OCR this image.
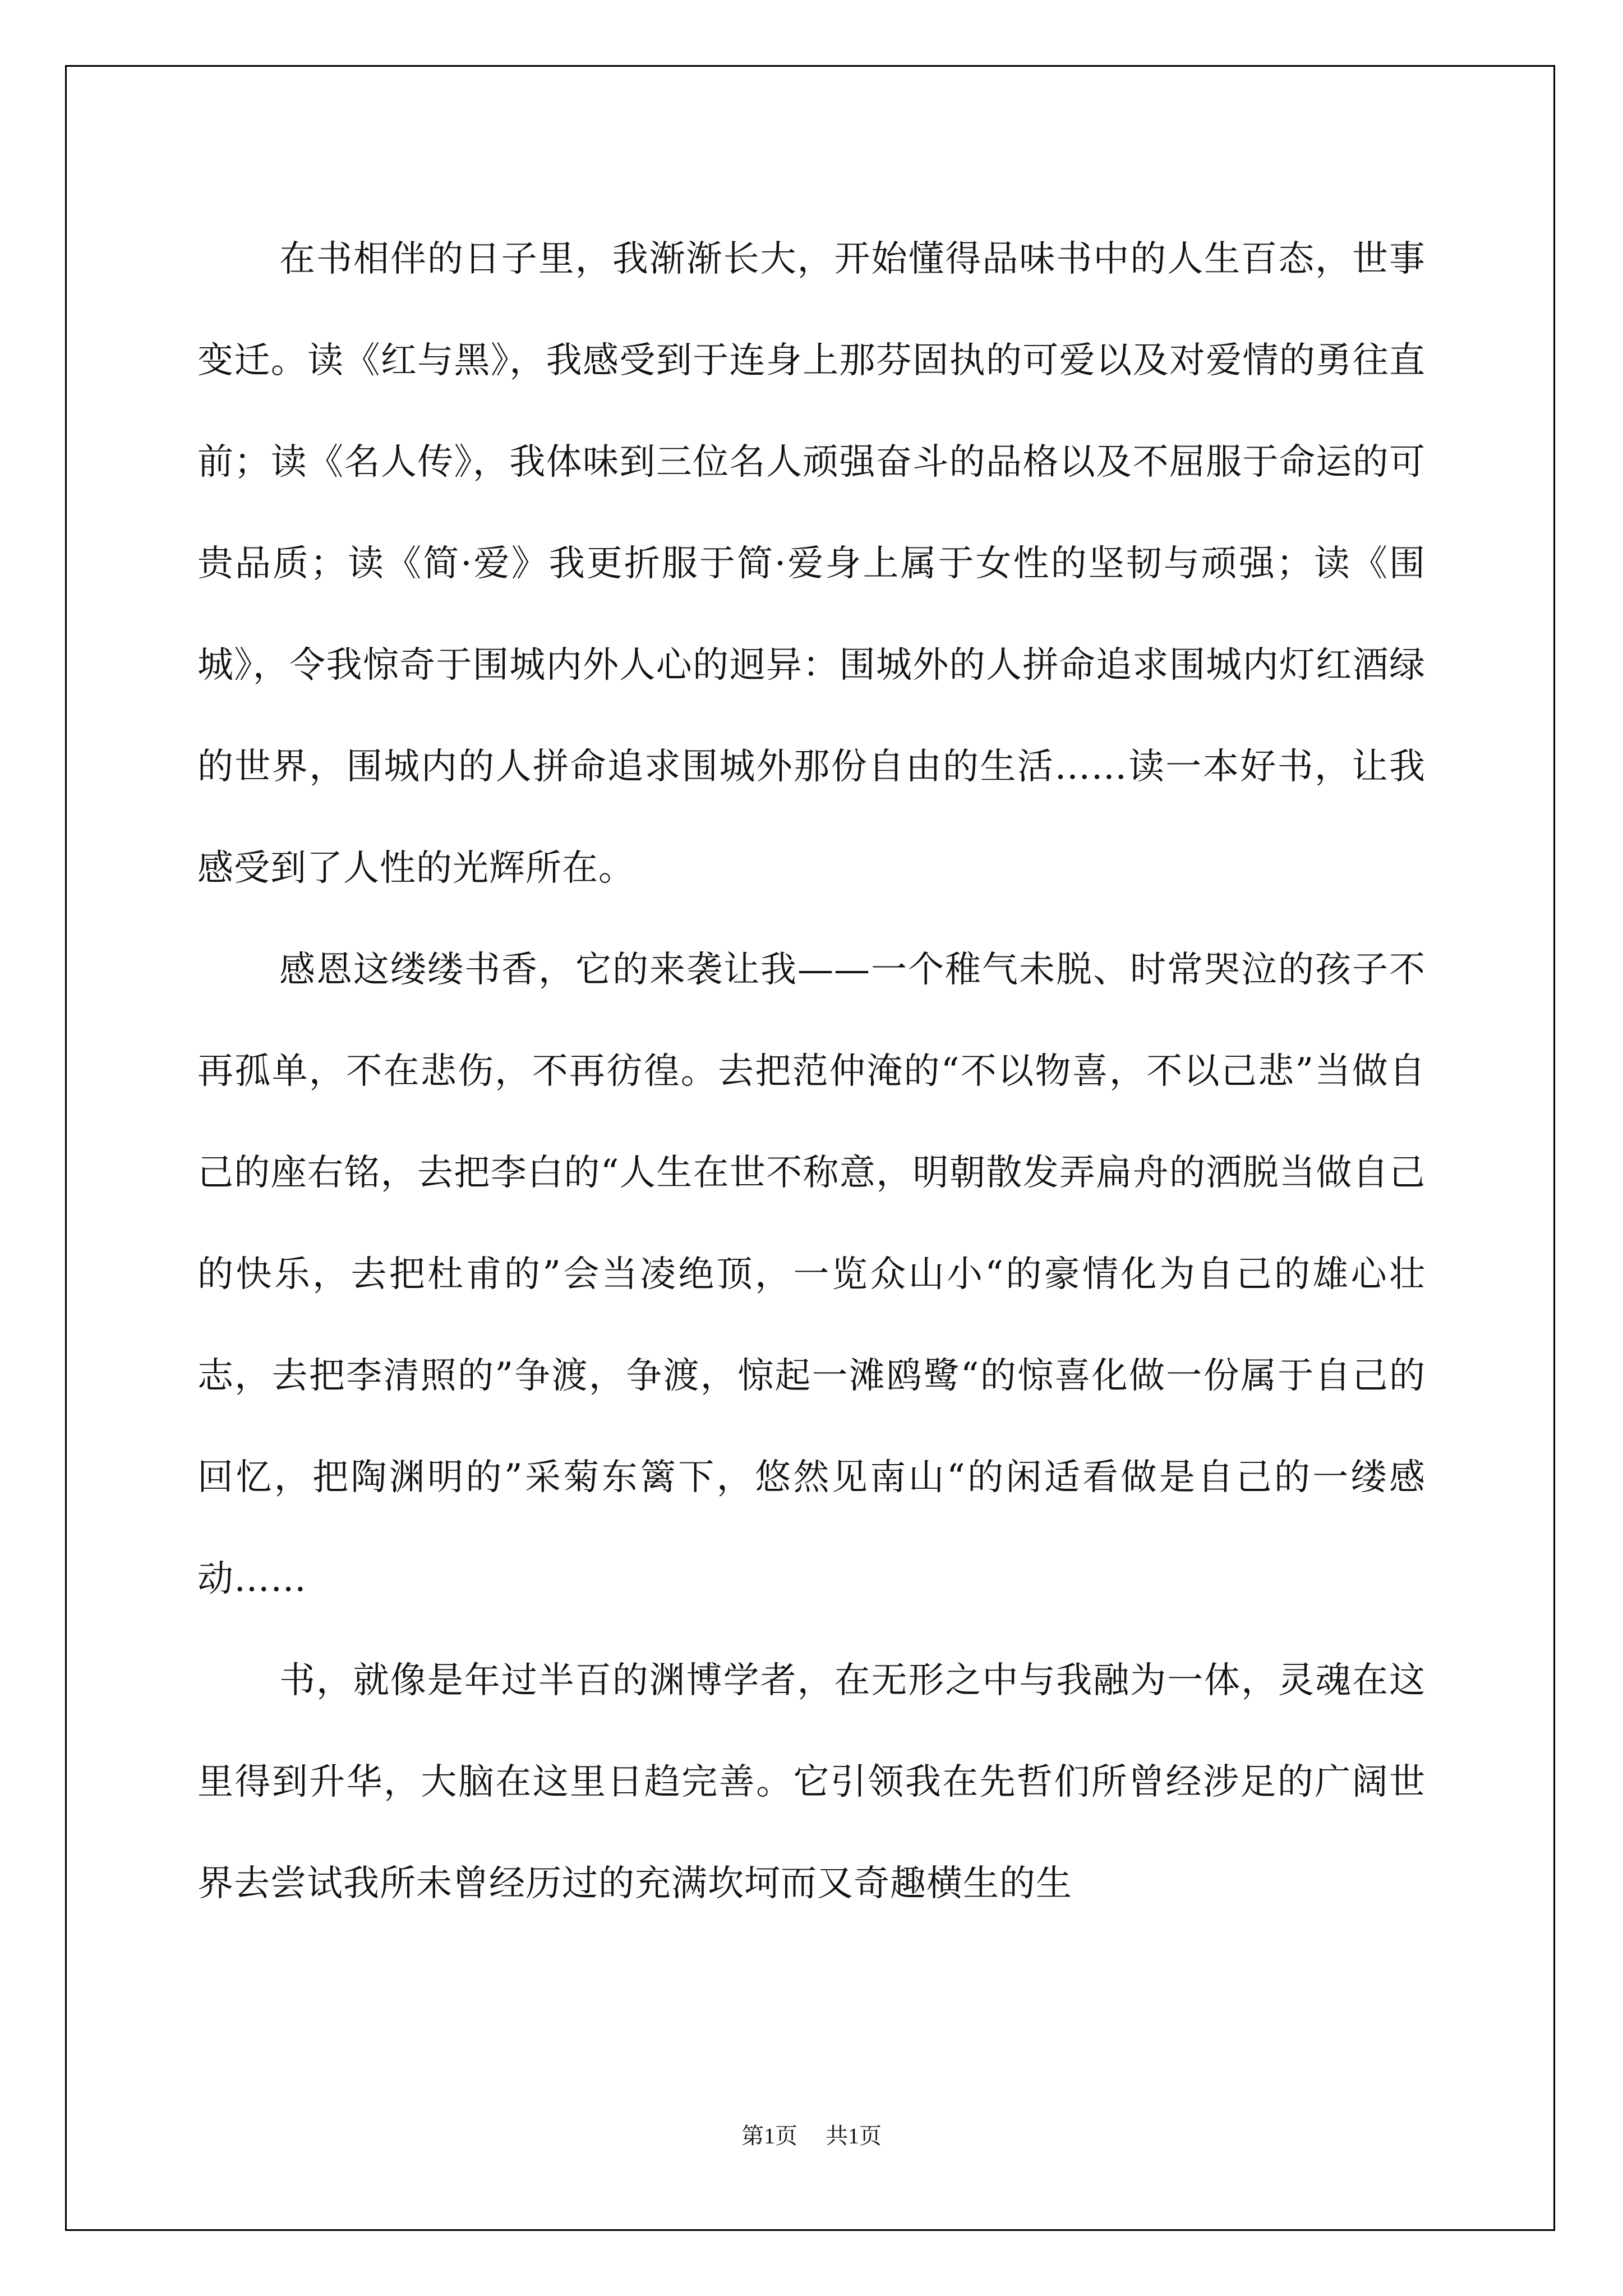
在书相伴的日子里，我渐渐长大，开始懂得品味书中的人生百态，世事变迁。读《红与黑》，我感受到于连身上那芬固执的可爱以及对爱情的勇往直前；读《名人传》，我体味到三位名人顽强奋斗的品格以及不屈服于命运的可贵品质；读《简·爱》我更折服于简·爱身上属于女性的坚韧与顽强；读《围城》，令我惊奇于围城内外人心的迥异：围城外的人拼命追求围城内灯红酒绿的世界，围城内的人拼命追求围城外那份自由的生活……读一本好书，让我感受到了人性的光辉所在。

感恩这缕缕书香，它的来袭让我——一个稚气未脱、时常哭泣的孩子不再孤单，不在悲伤，不再彷徨。去把范仲淹的“不以物喜，不以己悲”当做自己的座右铭，去把李白的“人生在世不称意，明朝散发弄扁舟的洒脱当做自己的快乐，去把杜甫的”会当凌绝顶，一览众山小“的豪情化为自己的雄心壮志，去把李清照的”争渡，争渡，惊起一滩鸥鹭“的惊喜化做一份属于自己的回忆，把陶渊明的”采菊东篱下，悠然见南山“的闲适看做是自己的一缕感动……

书，就像是年过半百的渊博学者，在无形之中与我融为一体，灵魂在这里得到升华，大脑在这里日趋完善。它引领我在先哲们所曾经涉足的广阔世界去尝试我所未曾经历过的充满坎坷而又奇趣横生的生

第1页 共1页
